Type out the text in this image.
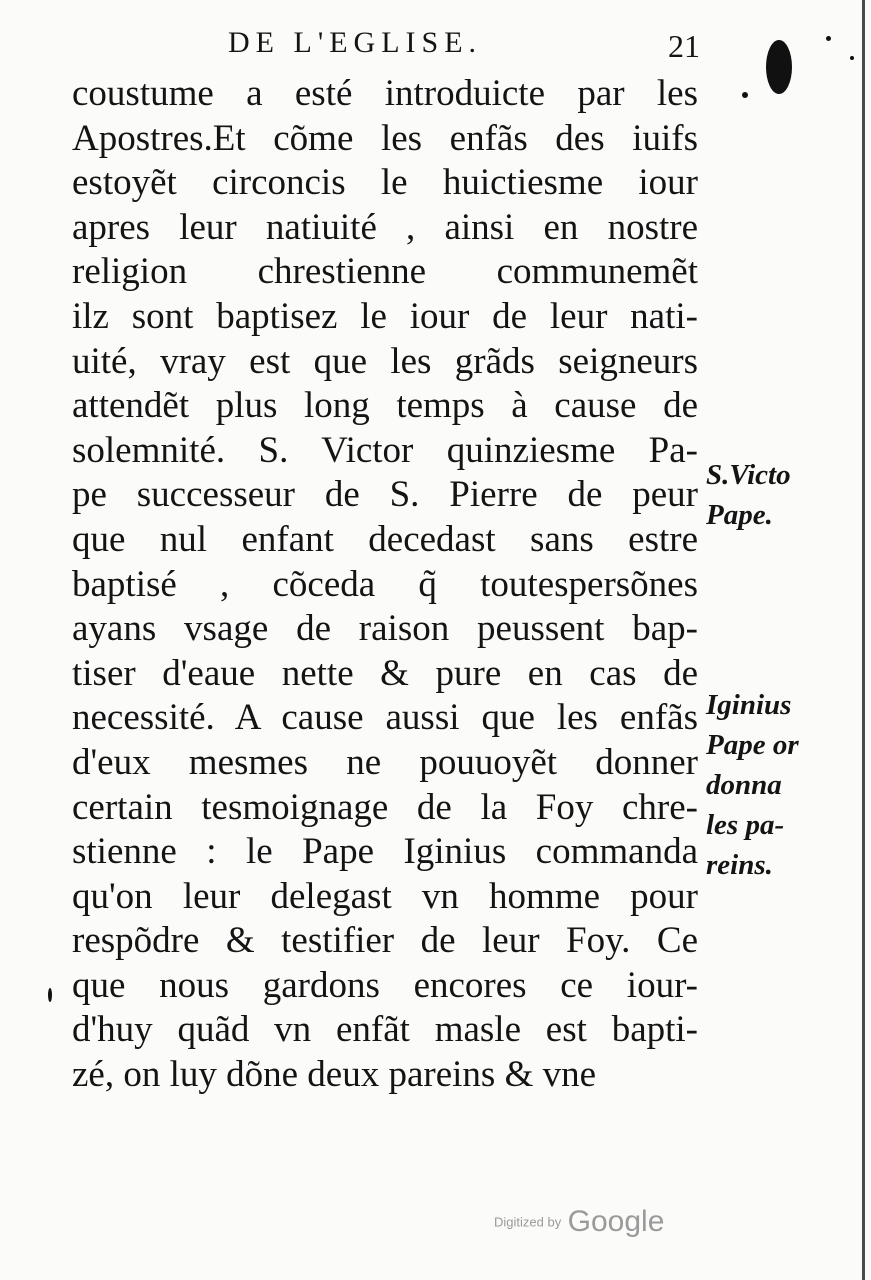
DE L'EGLISE.	21
coustume a esté introduicte par les
Apostres.Et cõme les enfãs des iuifs
estoyẽt circoncis le huictiesme iour
apres leur natiuité , ainsi en nostre
religion chrestienne communemẽt
ilz sont baptisez le iour de leur nati-
uité, vray est que les grãds seigneurs
attendẽt plus long temps à cause de
solemnité. S. Victor quinziesme Pa-
pe successeur de S. Pierre de peur
que nul enfant decedast sans estre
baptisé , cõceda q̃ toutespersõnes
ayans vsage de raison peussent bap-
tiser d'eaue nette & pure en cas de
necessité. A cause aussi que les enfãs
d'eux mesmes ne pouuoyẽt donner
certain tesmoignage de la Foy chre-
stienne : le Pape Iginius commanda
qu'on leur delegast vn homme pour
respõdre & testifier de leur Foy. Ce
que nous gardons encores ce iour-
d'huy quãd vn enfãt masle est bapti-
zé, on luy dõne deux pareins & vne
S.Victo
Pape.
Iginius
Pape or
donna
les pa-
reins.
Digitized by Google
